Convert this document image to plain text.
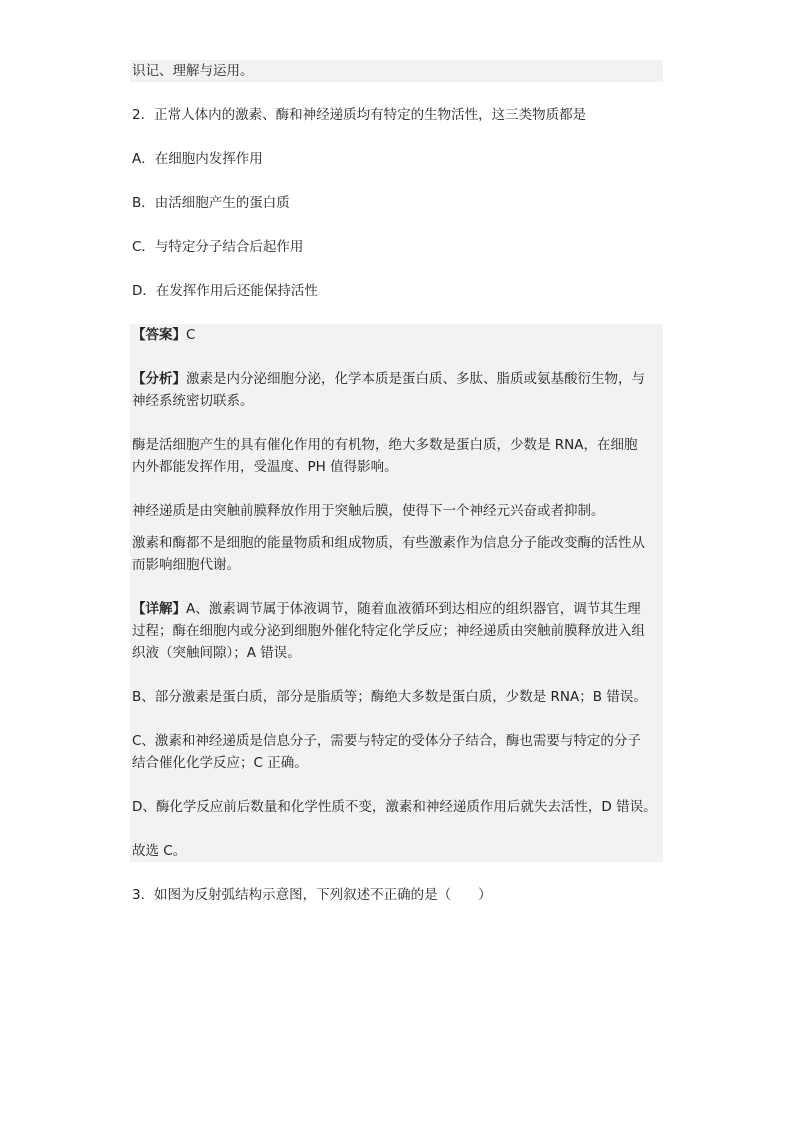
识记、理解与运用。
2．正常人体内的激素、酶和神经递质均有特定的生物活性，这三类物质都是
A．在细胞内发挥作用
B．由活细胞产生的蛋白质
C．与特定分子结合后起作用
D．在发挥作用后还能保持活性
【答案】C
【分析】激素是内分泌细胞分泌，化学本质是蛋白质、多肽、脂质或氨基酸衍生物，与
神经系统密切联系。
酶是活细胞产生的具有催化作用的有机物，绝大多数是蛋白质，少数是 RNA，在细胞
内外都能发挥作用，受温度、PH 值得影响。
神经递质是由突触前膜释放作用于突触后膜，使得下一个神经元兴奋或者抑制。
激素和酶都不是细胞的能量物质和组成物质，有些激素作为信息分子能改变酶的活性从
而影响细胞代谢。
【详解】A、激素调节属于体液调节，随着血液循环到达相应的组织器官，调节其生理
过程；酶在细胞内或分泌到细胞外催化特定化学反应；神经递质由突触前膜释放进入组
织液（突触间隙）；A 错误。
B、部分激素是蛋白质，部分是脂质等；酶绝大多数是蛋白质，少数是 RNA；B 错误。
C、激素和神经递质是信息分子，需要与特定的受体分子结合，酶也需要与特定的分子
结合催化化学反应；C 正确。
D、酶化学反应前后数量和化学性质不变，激素和神经递质作用后就失去活性，D 错误。
故选 C。
3．如图为反射弧结构示意图，下列叙述不正确的是（　　）
